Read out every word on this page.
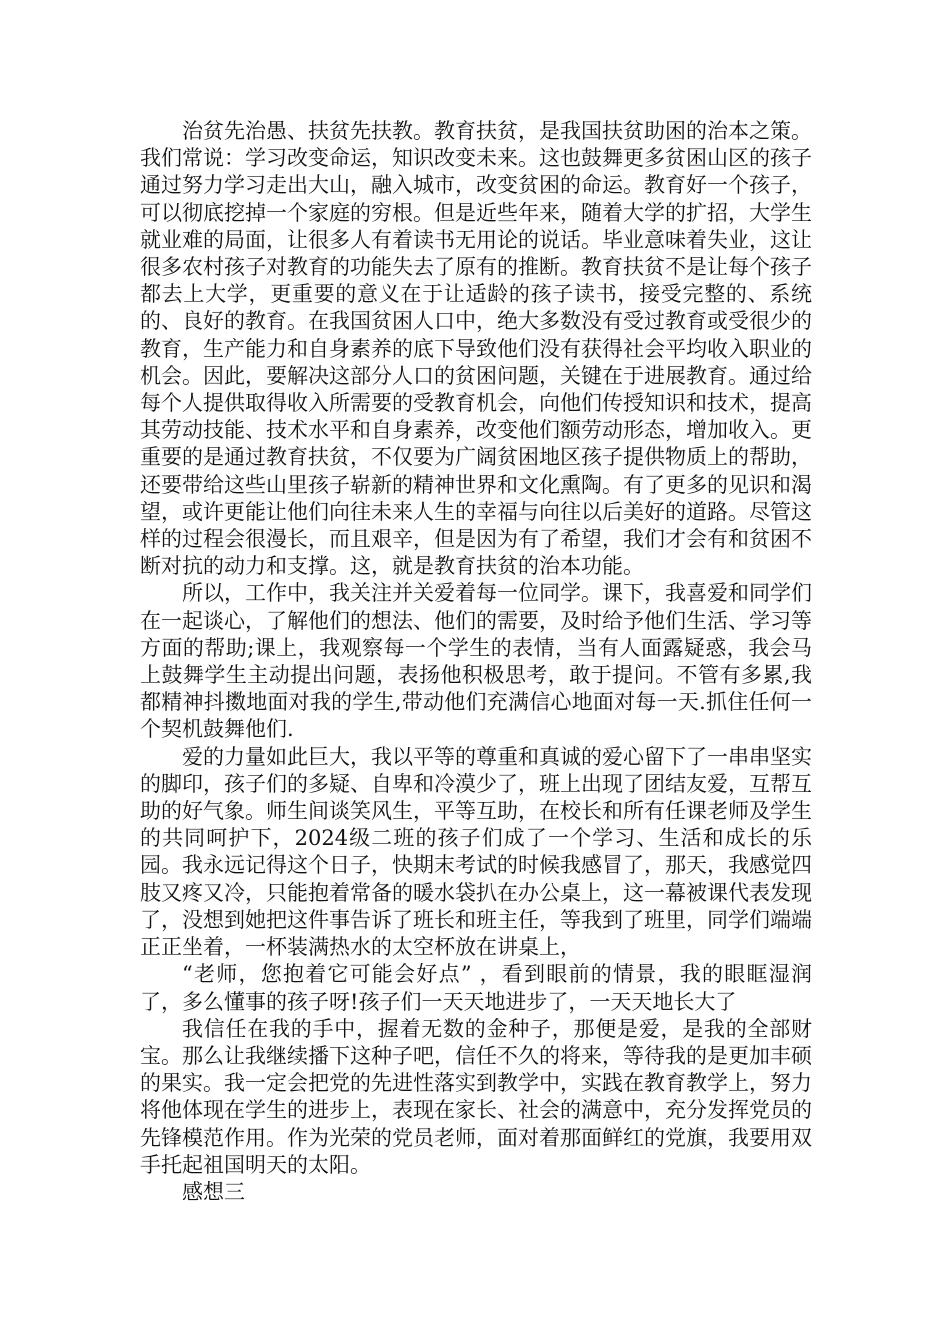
治贫先治愚、扶贫先扶教。教育扶贫，是我国扶贫助困的治本之策。我们常说：学习改变命运，知识改变未来。这也鼓舞更多贫困山区的孩子通过努力学习走出大山，融入城市，改变贫困的命运。教育好一个孩子，可以彻底挖掉一个家庭的穷根。但是近些年来，随着大学的扩招，大学生就业难的局面，让很多人有着读书无用论的说话。毕业意味着失业，这让很多农村孩子对教育的功能失去了原有的推断。教育扶贫不是让每个孩子都去上大学，更重要的意义在于让适龄的孩子读书，接受完整的、系统的、良好的教育。在我国贫困人口中，绝大多数没有受过教育或受很少的教育，生产能力和自身素养的底下导致他们没有获得社会平均收入职业的机会。因此，要解决这部分人口的贫困问题，关键在于进展教育。通过给每个人提供取得收入所需要的受教育机会，向他们传授知识和技术，提高其劳动技能、技术水平和自身素养，改变他们额劳动形态，增加收入。更重要的是通过教育扶贫，不仅要为广阔贫困地区孩子提供物质上的帮助，还要带给这些山里孩子崭新的精神世界和文化熏陶。有了更多的见识和渴望，或许更能让他们向往未来人生的幸福与向往以后美好的道路。尽管这样的过程会很漫长，而且艰辛，但是因为有了希望，我们才会有和贫困不断对抗的动力和支撑。这，就是教育扶贫的治本功能。

所以，工作中，我关注并关爱着每一位同学。课下，我喜爱和同学们在一起谈心，了解他们的想法、他们的需要，及时给予他们生活、学习等方面的帮助;课上，我观察每一个学生的表情，当有人面露疑惑，我会马上鼓舞学生主动提出问题，表扬他积极思考，敢于提问。不管有多累,我都精神抖擞地面对我的学生,带动他们充满信心地面对每一天.抓住任何一个契机鼓舞他们.

爱的力量如此巨大，我以平等的尊重和真诚的爱心留下了一串串坚实的脚印，孩子们的多疑、自卑和冷漠少了，班上出现了团结友爱，互帮互助的好气象。师生间谈笑风生，平等互助，在校长和所有任课老师及学生的共同呵护下，2024级二班的孩子们成了一个学习、生活和成长的乐园。我永远记得这个日子，快期末考试的时候我感冒了，那天，我感觉四肢又疼又冷，只能抱着常备的暖水袋扒在办公桌上，这一幕被课代表发现了，没想到她把这件事告诉了班长和班主任，等我到了班里，同学们端端正正坐着，一杯装满热水的太空杯放在讲桌上，

“老师，您抱着它可能会好点” ，看到眼前的情景，我的眼眶湿润了，多么懂事的孩子呀!孩子们一天天地进步了，一天天地长大了

我信任在我的手中，握着无数的金种子，那便是爱，是我的全部财宝。那么让我继续播下这种子吧，信任不久的将来，等待我的是更加丰硕的果实。我一定会把党的先进性落实到教学中，实践在教育教学上，努力将他体现在学生的进步上，表现在家长、社会的满意中，充分发挥党员的先锋模范作用。作为光荣的党员老师，面对着那面鲜红的党旗，我要用双手托起祖国明天的太阳。

感想三
